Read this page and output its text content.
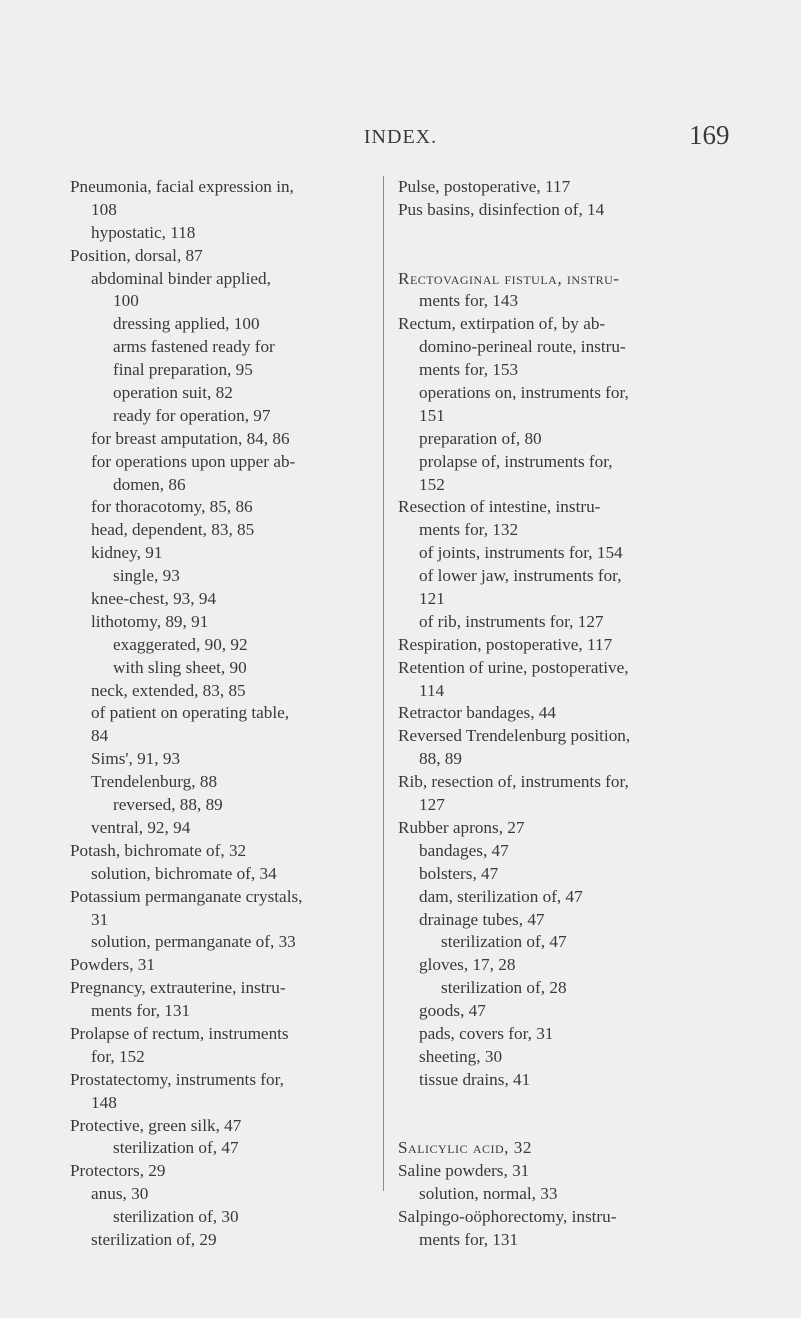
INDEX.	169
Pneumonia, facial expression in,
108
hypostatic, 118
Position, dorsal, 87
abdominal binder applied,
100
dressing applied, 100
arms fastened ready for
final preparation, 95
operation suit, 82
ready for operation, 97
for breast amputation, 84, 86
for operations upon upper ab-
domen, 86
for thoracotomy, 85, 86
head, dependent, 83, 85
kidney, 91
single, 93
knee-chest, 93, 94
lithotomy, 89, 91
exaggerated, 90, 92
with sling sheet, 90
neck, extended, 83, 85
of patient on operating table,
84
Sims', 91, 93
Trendelenburg, 88
reversed, 88, 89
ventral, 92, 94
Potash, bichromate of, 32
solution, bichromate of, 34
Potassium permanganate crystals,
31
solution, permanganate of, 33
Powders, 31
Pregnancy, extrauterine, instru-
ments for, 131
Prolapse of rectum, instruments
for, 152
Prostatectomy, instruments for,
148
Protective, green silk, 47
sterilization of, 47
Protectors, 29
anus, 30
sterilization of, 30
sterilization of, 29
Pulse, postoperative, 117
Pus basins, disinfection of, 14
Rectovaginal fistula, instru-
ments for, 143
Rectum, extirpation of, by ab-
domino-perineal route, instru-
ments for, 153
operations on, instruments for,
151
preparation of, 80
prolapse of, instruments for,
152
Resection of intestine, instru-
ments for, 132
of joints, instruments for, 154
of lower jaw, instruments for,
121
of rib, instruments for, 127
Respiration, postoperative, 117
Retention of urine, postoperative,
114
Retractor bandages, 44
Reversed Trendelenburg position,
88, 89
Rib, resection of, instruments for,
127
Rubber aprons, 27
bandages, 47
bolsters, 47
dam, sterilization of, 47
drainage tubes, 47
sterilization of, 47
gloves, 17, 28
sterilization of, 28
goods, 47
pads, covers for, 31
sheeting, 30
tissue drains, 41
Salicylic acid, 32
Saline powders, 31
solution, normal, 33
Salpingo-oöphorectomy, instru-
ments for, 131
